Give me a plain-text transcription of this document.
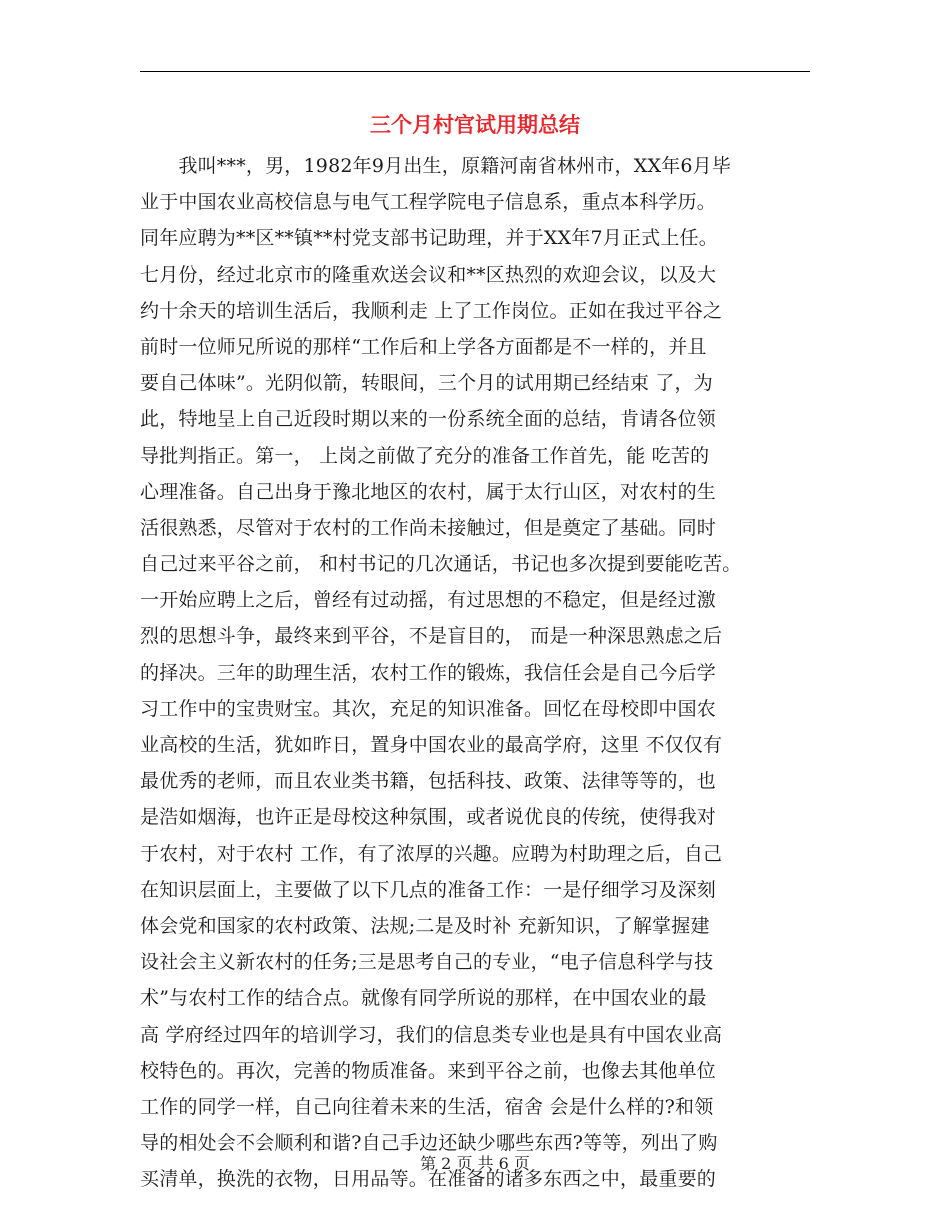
三个月村官试用期总结
　　我叫***，男，1982年9月出生，原籍河南省林州市，XX年6月毕
业于中国农业高校信息与电气工程学院电子信息系，重点本科学历。
同年应聘为**区**镇**村党支部书记助理，并于XX年7月正式上任。
七月份，经过北京市的隆重欢送会议和**区热烈的欢迎会议，以及大
约十余天的培训生活后，我顺利走 上了工作岗位。正如在我过平谷之
前时一位师兄所说的那样“工作后和上学各方面都是不一样的，并且
要自己体味”。光阴似箭，转眼间，三个月的试用期已经结束 了，为
此，特地呈上自己近段时期以来的一份系统全面的总结，肯请各位领
导批判指正。第一， 上岗之前做了充分的准备工作首先，能 吃苦的
心理准备。自己出身于豫北地区的农村，属于太行山区，对农村的生
活很熟悉，尽管对于农村的工作尚未接触过，但是奠定了基础。同时
自己过来平谷之前， 和村书记的几次通话，书记也多次提到要能吃苦。
一开始应聘上之后，曾经有过动摇，有过思想的不稳定，但是经过激
烈的思想斗争，最终来到平谷，不是盲目的， 而是一种深思熟虑之后
的择决。三年的助理生活，农村工作的锻炼，我信任会是自己今后学
习工作中的宝贵财宝。其次，充足的知识准备。回忆在母校即中国农
业高校的生活，犹如昨日，置身中国农业的最高学府，这里 不仅仅有
最优秀的老师，而且农业类书籍，包括科技、政策、法律等等的，也
是浩如烟海，也许正是母校这种氛围，或者说优良的传统，使得我对
于农村，对于农村 工作，有了浓厚的兴趣。应聘为村助理之后，自己
在知识层面上，主要做了以下几点的准备工作：一是仔细学习及深刻
体会党和国家的农村政策、法规;二是及时补 充新知识，了解掌握建
设社会主义新农村的任务;三是思考自己的专业，“电子信息科学与技
术”与农村工作的结合点。就像有同学所说的那样，在中国农业的最
高 学府经过四年的培训学习，我们的信息类专业也是具有中国农业高
校特色的。再次，完善的物质准备。来到平谷之前，也像去其他单位
工作的同学一样，自己向往着未来的生活，宿舍 会是什么样的?和领
导的相处会不会顺利和谐?自己手边还缺少哪些东西?等等，列出了购
买清单，换洗的衣物，日用品等。在准备的诸多东西之中，最重要的
第 2 页 共 6 页
